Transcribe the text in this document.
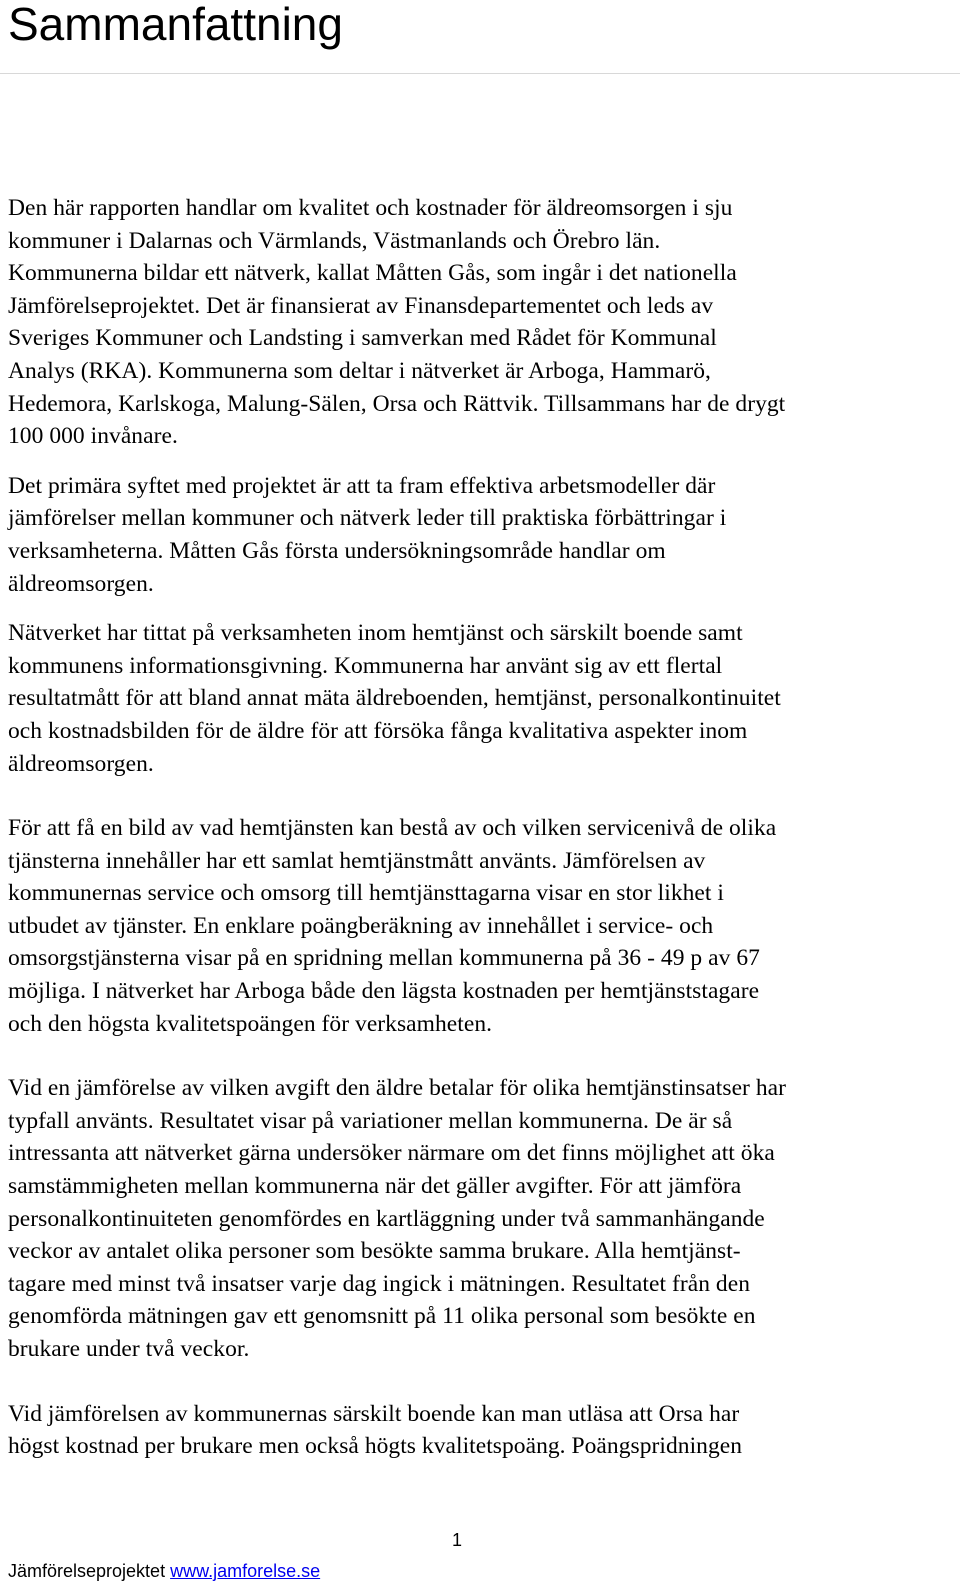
Sammanfattning

Den här rapporten handlar om kvalitet och kostnader för äldreomsorgen i sju
kommuner i Dalarnas och Värmlands, Västmanlands och Örebro län.
Kommunerna bildar ett nätverk, kallat Måtten Gås, som ingår i det nationella
Jämförelseprojektet. Det är finansierat av Finansdepartementet och leds av
Sveriges Kommuner och Landsting i samverkan med Rådet för Kommunal
Analys (RKA). Kommunerna som deltar i nätverket är Arboga, Hammarö,
Hedemora, Karlskoga, Malung-Sälen, Orsa och Rättvik. Tillsammans har de drygt
100 000 invånare.

Det primära syftet med projektet är att ta fram effektiva arbetsmodeller där
jämförelser mellan kommuner och nätverk leder till praktiska förbättringar i
verksamheterna. Måtten Gås första undersökningsområde handlar om
äldreomsorgen.

Nätverket har tittat på verksamheten inom hemtjänst och särskilt boende samt
kommunens informationsgivning. Kommunerna har använt sig av ett flertal
resultatmått för att bland annat mäta äldreboenden, hemtjänst, personalkontinuitet
och kostnadsbilden för de äldre för att försöka fånga kvalitativa aspekter inom
äldreomsorgen.

För att få en bild av vad hemtjänsten kan bestå av och vilken servicenivå de olika
tjänsterna innehåller har ett samlat hemtjänstmått använts. Jämförelsen av
kommunernas service och omsorg till hemtjänsttagarna visar en stor likhet i
utbudet av tjänster. En enklare poängberäkning av innehållet i service- och
omsorgstjänsterna visar på en spridning mellan kommunerna på 36 - 49 p av 67
möjliga. I nätverket har Arboga både den lägsta kostnaden per hemtjänststagare
och den högsta kvalitetspoängen för verksamheten.

Vid en jämförelse av vilken avgift den äldre betalar för olika hemtjänstinsatser har
typfall använts. Resultatet visar på variationer mellan kommunerna. De är så
intressanta att nätverket gärna undersöker närmare om det finns möjlighet att öka
samstämmigheten mellan kommunerna när det gäller avgifter. För att jämföra
personalkontinuiteten genomfördes en kartläggning under två sammanhängande
veckor av antalet olika personer som besökte samma brukare. Alla hemtjänst-
tagare med minst två insatser varje dag ingick i mätningen. Resultatet från den
genomförda mätningen gav ett genomsnitt på 11 olika personal som besökte en
brukare under två veckor.

Vid jämförelsen av kommunernas särskilt boende kan man utläsa att Orsa har
högst kostnad per brukare men också högts kvalitetspoäng. Poängspridningen

1
Jämförelseprojektet www.jamforelse.se
